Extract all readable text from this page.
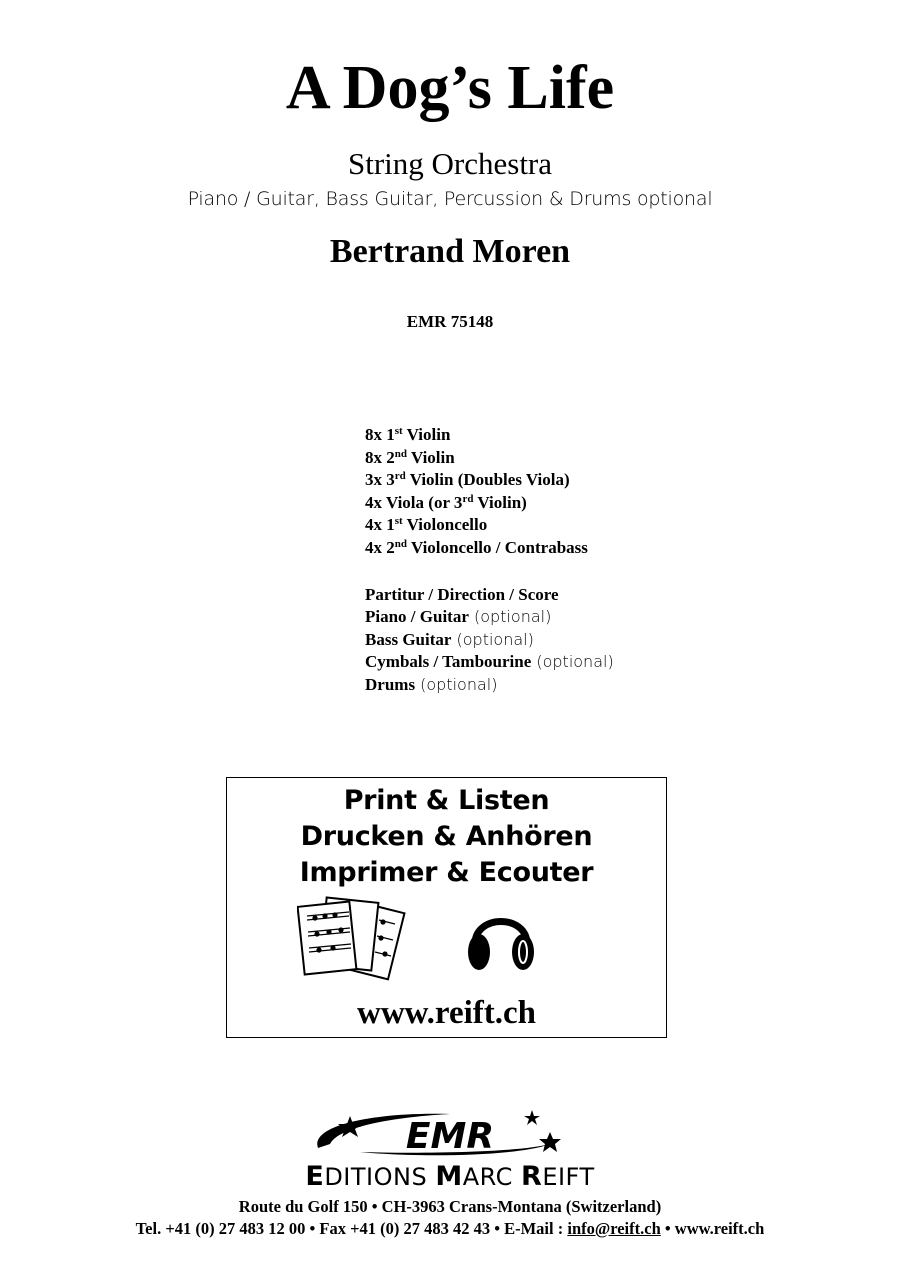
A Dog’s Life
String Orchestra
Piano / Guitar, Bass Guitar, Percussion & Drums optional
Bertrand Moren
EMR 75148
8x 1st Violin
8x 2nd Violin
3x 3rd Violin (Doubles Viola)
4x Viola (or 3rd Violin)
4x 1st Violoncello
4x 2nd Violoncello / Contrabass
Partitur / Direction / Score
Piano / Guitar (optional)
Bass Guitar (optional)
Cymbals / Tambourine (optional)
Drums (optional)
Print & Listen
Drucken & Anhören
Imprimer & Ecouter
www.reift.ch
EMR
EDITIONS MARC REIFT
Route du Golf 150 • CH-3963 Crans-Montana (Switzerland)
Tel. +41 (0) 27 483 12 00 • Fax +41 (0) 27 483 42 43 • E-Mail : info@reift.ch • www.reift.ch
